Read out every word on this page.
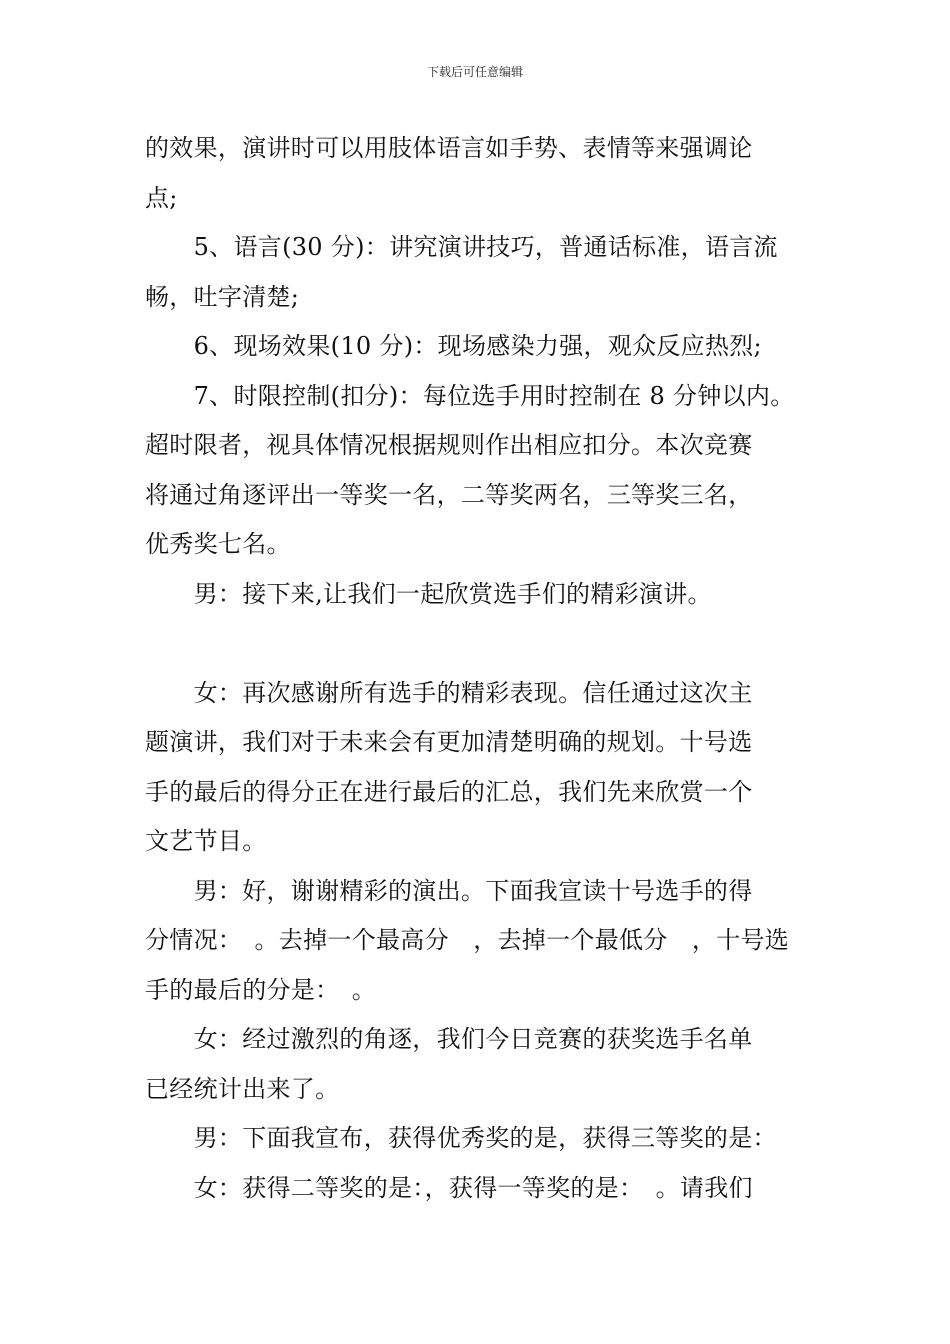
下载后可任意编辑

的效果，演讲时可以用肢体语言如手势、表情等来强调论

点;

　　5、语言(30 分)：讲究演讲技巧，普通话标准，语言流

畅，吐字清楚;

　　6、现场效果(10 分)：现场感染力强，观众反应热烈;

　　7、时限控制(扣分)：每位选手用时控制在 8 分钟以内。

超时限者，视具体情况根据规则作出相应扣分。本次竞赛

将通过角逐评出一等奖一名，二等奖两名，三等奖三名，

优秀奖七名。

　　男：接下来,让我们一起欣赏选手们的精彩演讲。

　　女：再次感谢所有选手的精彩表现。信任通过这次主

题演讲，我们对于未来会有更加清楚明确的规划。十号选

手的最后的得分正在进行最后的汇总，我们先来欣赏一个

文艺节目。

　　男：好，谢谢精彩的演出。下面我宣读十号选手的得

分情况：　。去掉一个最高分　，去掉一个最低分　，十号选

手的最后的分是：　。

　　女：经过激烈的角逐，我们今日竞赛的获奖选手名单

已经统计出来了。

　　男：下面我宣布，获得优秀奖的是，获得三等奖的是：

　　女：获得二等奖的是：，获得一等奖的是：　。请我们
